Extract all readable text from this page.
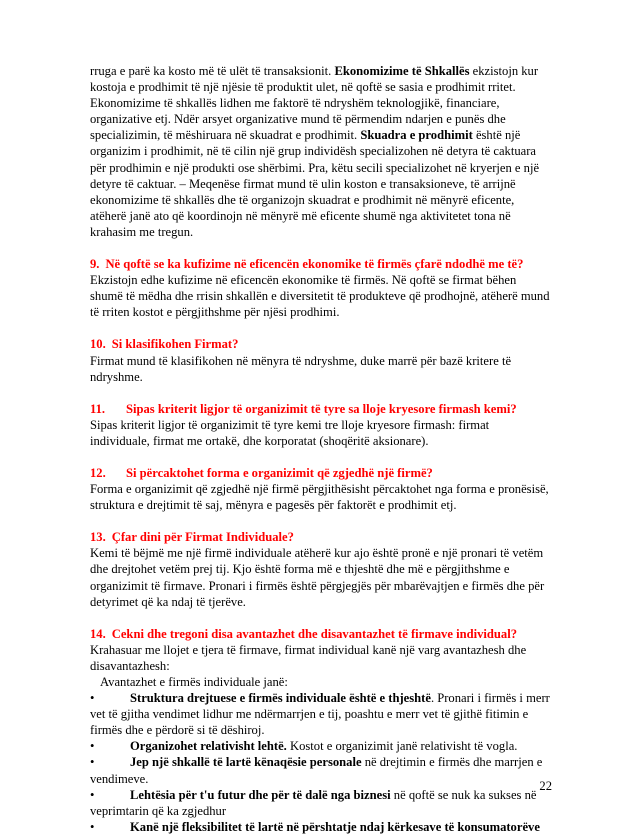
rruga e parë ka kosto më të ulët të transaksionit. Ekonomizime të Shkallës ekzistojn kur kostoja e prodhimit të një njësie të produktit ulet, në qoftë se sasia e prodhimit rritet. Ekonomizime të shkallës lidhen me faktorë të ndryshëm teknologjikë, financiare, organizative etj. Ndër arsyet organizative mund të përmendim ndarjen e punës dhe specializimin, të mëshiruara në skuadrat e prodhimit. Skuadra e prodhimit është një organizim i prodhimit, në të cilin një grup individësh specializohen në detyra të caktuara për prodhimin e një produkti ose shërbimi. Pra, këtu secili specializohet në kryerjen e një detyre të caktuar. – Meqenëse firmat mund të ulin koston e transaksioneve, të arrijnë ekonomizime të shkallës dhe të organizojn skuadrat e prodhimit në mënyrë eficente, atëherë janë ato që koordinojn në mënyrë më eficente shumë nga aktivitetet tona në krahasim me tregun.

9. Në qoftë se ka kufizime në eficencën ekonomike të firmës çfarë ndodhë me të?

Ekzistojn edhe kufizime në eficencën ekonomike të firmës. Në qoftë se firmat bëhen shumë të mëdha dhe rrisin shkallën e diversitetit të produkteve që prodhojnë, atëherë mund të rriten kostot e përgjithshme për njësi prodhimi.

10. Si klasifikohen Firmat?

Firmat mund të klasifikohen në mënyra të ndryshme, duke marrë për bazë kritere të ndryshme.

11. Sipas kriterit ligjor të organizimit të tyre sa lloje kryesore firmash kemi?

Sipas kriterit ligjor të organizimit të tyre kemi tre lloje kryesore firmash: firmat individuale, firmat me ortakë, dhe korporatat (shoqëritë aksionare).

12. Si përcaktohet forma e organizimit që zgjedhë një firmë?

Forma e organizimit që zgjedhë një firmë përgjithësisht përcaktohet nga forma e pronësisë, struktura e drejtimit të saj, mënyra e pagesës për faktorët e prodhimit etj.

13. Çfar dini për Firmat Individuale?

Kemi të bëjmë me një firmë individuale atëherë kur ajo është pronë e një pronari të vetëm dhe drejtohet vetëm prej tij. Kjo është forma më e thjeshtë dhe më e përgjithshme e organizimit të firmave. Pronari i firmës është përgjegjës për mbarëvajtjen e firmës dhe për detyrimet që ka ndaj të tjerëve.

14. Cekni dhe tregoni disa avantazhet dhe disavantazhet të firmave individual?

Krahasuar me llojet e tjera të firmave, firmat individual kanë një varg avantazhesh dhe disavantazhesh:

Avantazhet e firmës individuale janë:

•	Struktura drejtuese e firmës individuale është e thjeshtë. Pronari i firmës i merr vet të gjitha vendimet lidhur me ndërmarrjen e tij, poashtu e merr vet të gjithë fitimin e firmës dhe e përdorë si të dëshiroj.

•	Organizohet relativisht lehtë. Kostot e organizimit janë relativisht të vogla.

•	Jep një shkallë të lartë kënaqësie personale në drejtimin e firmës dhe marrjen e vendimeve.

•	Lehtësia për t'u futur dhe për të dalë nga biznesi në qoftë se nuk ka sukses në veprimtarin që ka zgjedhur

•	Kanë një fleksibilitet të lartë në përshtatje ndaj kërkesave të konsumatorëve

22
